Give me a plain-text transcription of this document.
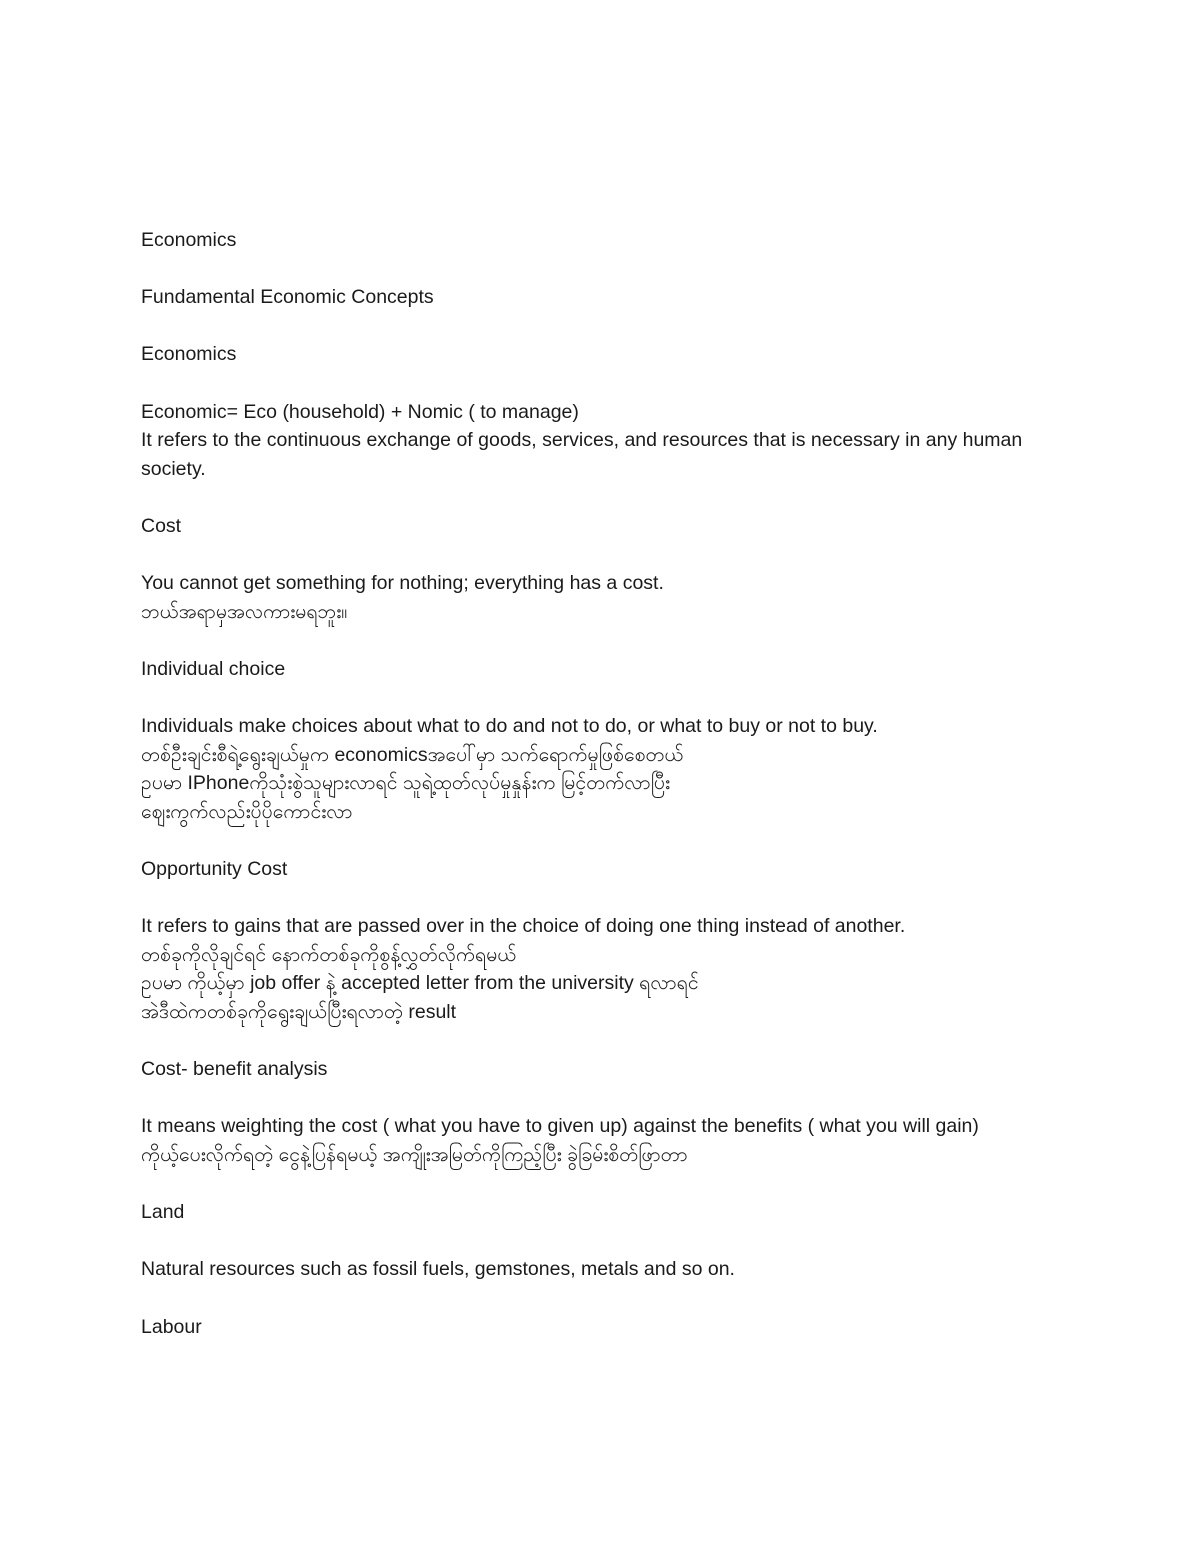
Economics
Fundamental Economic Concepts
Economics
Economic= Eco (household) + Nomic ( to manage)
It refers to the continuous exchange of goods, services, and resources that is necessary in any human society.
Cost
You cannot get something for nothing; everything has a cost.
ဘယ်အရာမှအလကားမရဘူး။
Individual choice
Individuals make choices about what to do and not to do, or what to buy or not to buy.
တစ်ဦးချင်းစီရဲ့ရွေးချယ်မှုက economicsအပေါ်မှာ သက်ရောက်မှုဖြစ်စေတယ်
ဥပမာ IPhoneကိုသုံးစွဲသူများလာရင် သူရဲ့ထုတ်လုပ်မှုနှုန်းက မြင့်တက်လာပြီး
ဈေးကွက်လည်းပိုပိုကောင်းလာ
Opportunity Cost
It refers to gains that are passed over in the choice of doing one thing instead of another.
တစ်ခုကိုလိုချင်ရင် နောက်တစ်ခုကိုစွန့်လွှတ်လိုက်ရမယ်
ဥပမာ ကိုယ့်မှာ job offer နဲ့ accepted letter from the university ရလာရင်
အဲဒီထဲကတစ်ခုကိုရွေးချယ်ပြီးရလာတဲ့ result
Cost- benefit analysis
It means weighting the cost ( what you have to given up) against the benefits ( what you will gain)
ကိုယ့်ပေးလိုက်ရတဲ့ ငွေနဲ့ပြန်ရမယ့် အကျိုးအမြတ်ကိုကြည့်ပြီး ခွဲခြမ်းစိတ်ဖြာတာ
Land
Natural resources such as fossil fuels, gemstones, metals and so on.
Labour
